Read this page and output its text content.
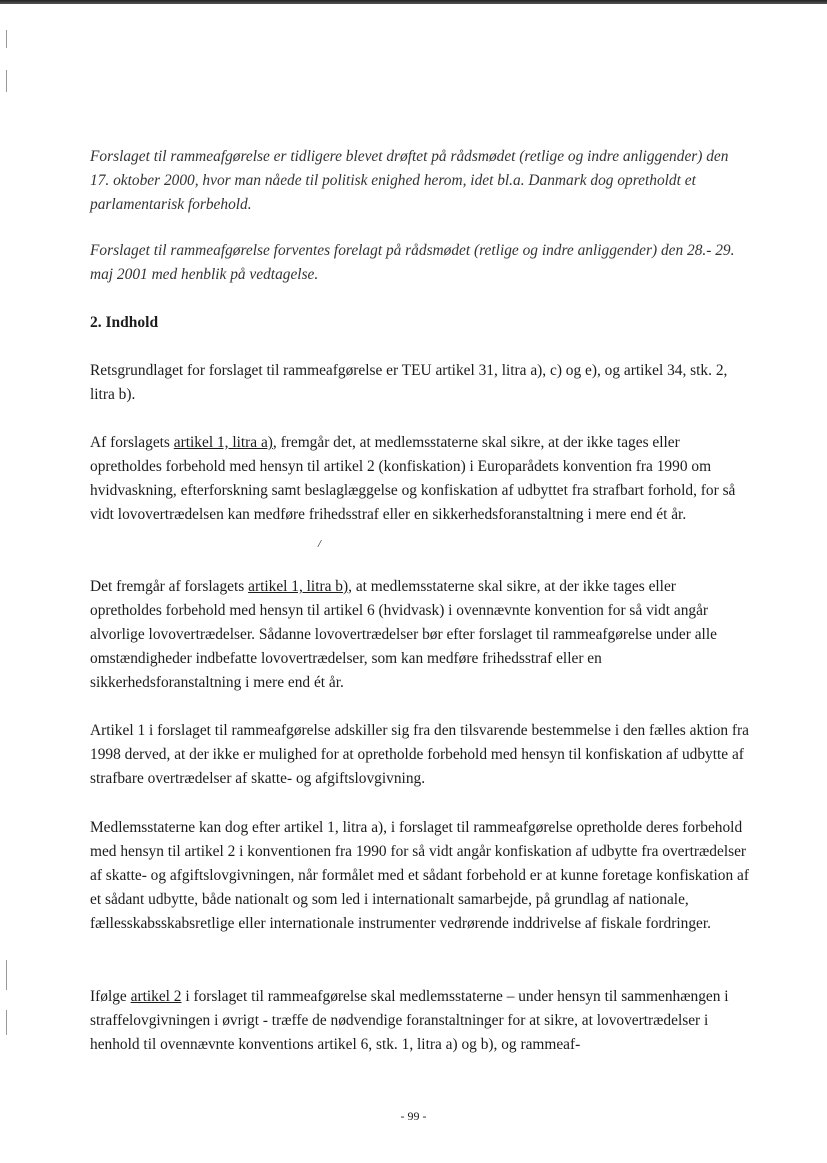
/

Forslaget til rammeafgørelse er tidligere blevet drøftet på rådsmødet (retlige og indre anliggender) den 17. oktober 2000, hvor man nåede til politisk enighed herom, idet bl.a. Danmark dog opretholdt et parlamentarisk forbehold.

Forslaget til rammeafgørelse forventes forelagt på rådsmødet (retlige og indre anliggender) den 28.- 29. maj 2001 med henblik på vedtagelse.

2. Indhold

Retsgrundlaget for forslaget til rammeafgørelse er TEU artikel 31, litra a), c) og e), og artikel 34, stk. 2, litra b).

Af forslagets artikel 1, litra a), fremgår det, at medlemsstaterne skal sikre, at der ikke tages eller opretholdes forbehold med hensyn til artikel 2 (konfiskation) i Europarådets konvention fra 1990 om hvidvaskning, efterforskning samt beslaglæggelse og konfiskation af udbyttet fra strafbart forhold, for så vidt lovovertrædelsen kan medføre frihedsstraf eller en sikkerhedsforanstaltning i mere end ét år.

Det fremgår af forslagets artikel 1, litra b), at medlemsstaterne skal sikre, at der ikke tages eller opretholdes forbehold med hensyn til artikel 6 (hvidvask) i ovennævnte konvention for så vidt angår alvorlige lovovertrædelser. Sådanne lovovertrædelser bør efter forslaget til rammeafgørelse under alle omstændigheder indbefatte lovovertrædelser, som kan medføre frihedsstraf eller en sikkerhedsforanstaltning i mere end ét år.

Artikel 1 i forslaget til rammeafgørelse adskiller sig fra den tilsvarende bestemmelse i den fælles aktion fra 1998 derved, at der ikke er mulighed for at opretholde forbehold med hensyn til konfiskation af udbytte af strafbare overtrædelser af skatte- og afgiftslovgivning.

Medlemsstaterne kan dog efter artikel 1, litra a), i forslaget til rammeafgørelse opretholde deres forbehold med hensyn til artikel 2 i konventionen fra 1990 for så vidt angår konfiskation af udbytte fra overtrædelser af skatte- og afgiftslovgivningen, når formålet med et sådant forbehold er at kunne foretage konfiskation af et sådant udbytte, både nationalt og som led i internationalt samarbejde, på grundlag af nationale, fællesskabsskabsretlige eller internationale instrumenter vedrørende inddrivelse af fiskale fordringer.

Ifølge artikel 2 i forslaget til rammeafgørelse skal medlemsstaterne – under hensyn til sammenhængen i straffelovgivningen i øvrigt - træffe de nødvendige foranstaltninger for at sikre, at lovovertrædelser i henhold til ovennævnte konventions artikel 6, stk. 1, litra a) og b), og rammeaf-

- 99 -
